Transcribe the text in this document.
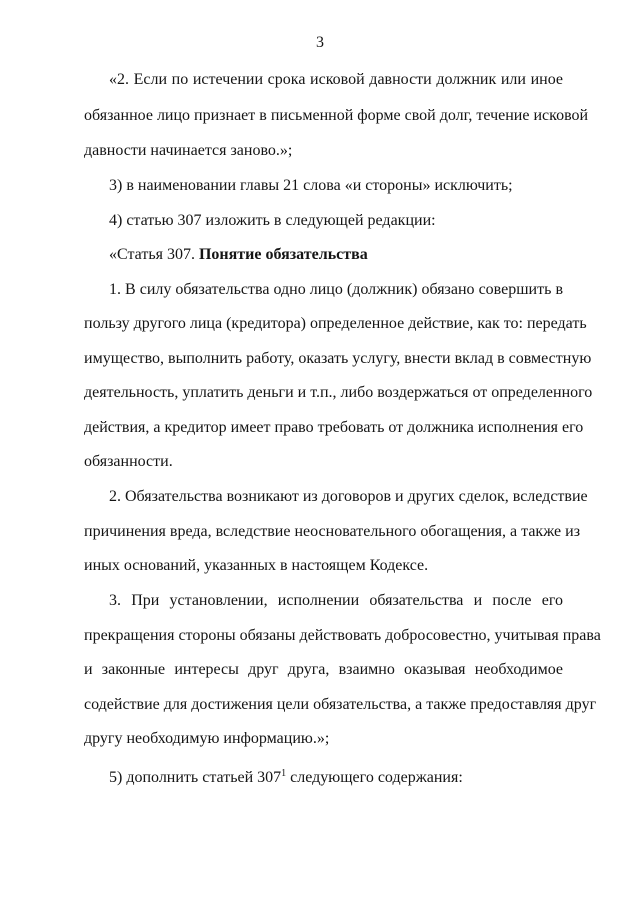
3
«2. Если по истечении срока исковой давности должник или иное
обязанное лицо признает в письменной форме свой долг, течение исковой
давности начинается заново.»;
3) в наименовании главы 21 слова «и стороны» исключить;
4) статью 307 изложить в следующей редакции:
«Статья 307. Понятие обязательства
1. В силу обязательства одно лицо (должник) обязано совершить в
пользу другого лица (кредитора) определенное действие, как то: передать
имущество, выполнить работу, оказать услугу, внести вклад в совместную
деятельность, уплатить деньги и т.п., либо воздержаться от определенного
действия, а кредитор имеет право требовать от должника исполнения его
обязанности.
2. Обязательства возникают из договоров и других сделок, вследствие
причинения вреда, вследствие неосновательного обогащения, а также из
иных оснований, указанных в настоящем Кодексе.
3. При установлении, исполнении обязательства и после его
прекращения стороны обязаны действовать добросовестно, учитывая права
и законные интересы друг друга, взаимно оказывая необходимое
содействие для достижения цели обязательства, а также предоставляя друг
другу необходимую информацию.»;
5) дополнить статьей $307^1$ следующего содержания:
